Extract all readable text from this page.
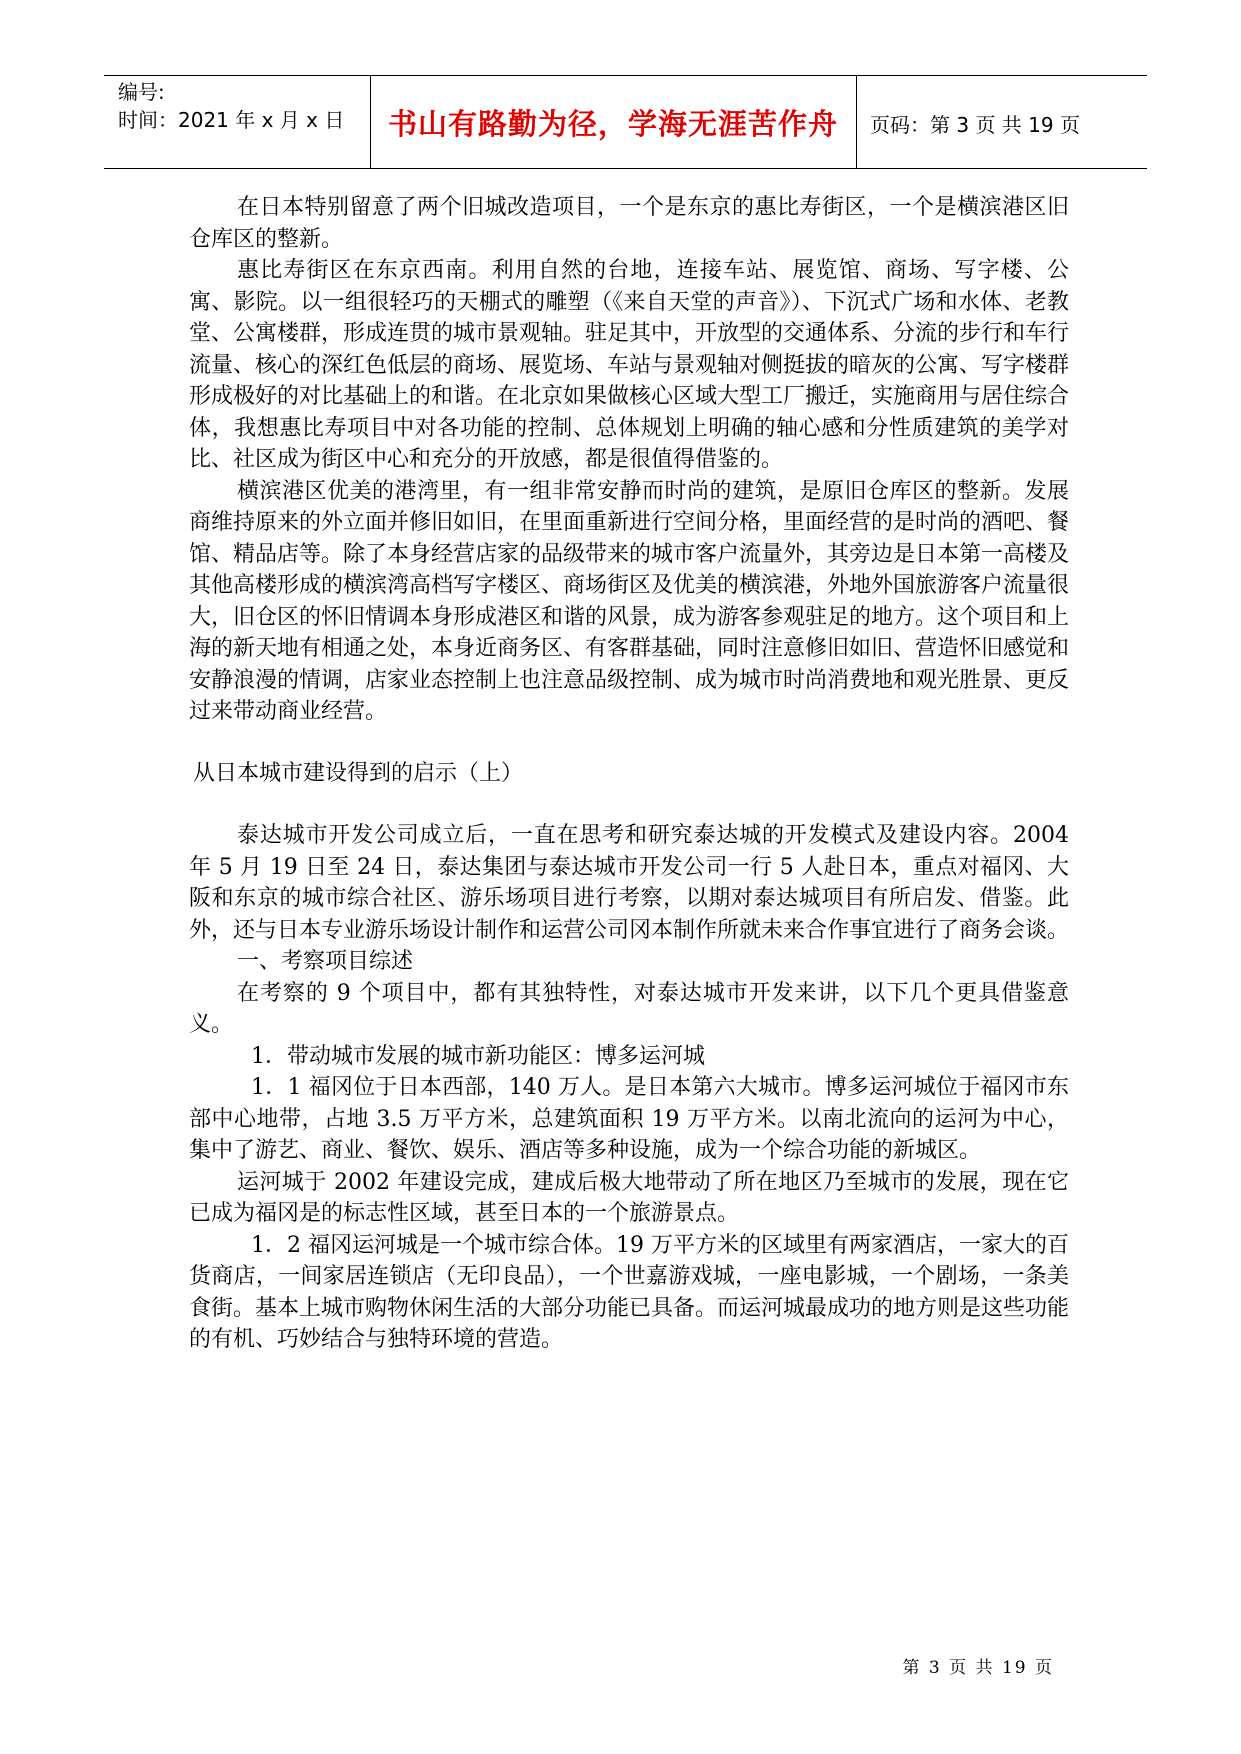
编号:
时间：2021 年 x 月 x 日	书山有路勤为径，学海无涯苦作舟	页码：第 3 页 共 19 页

在日本特别留意了两个旧城改造项目，一个是东京的惠比寿街区，一个是横滨港区旧仓库区的整新。

惠比寿街区在东京西南。利用自然的台地，连接车站、展览馆、商场、写字楼、公寓、影院。以一组很轻巧的天棚式的雕塑（《来自天堂的声音》）、下沉式广场和水体、老教堂、公寓楼群，形成连贯的城市景观轴。驻足其中，开放型的交通体系、分流的步行和车行流量、核心的深红色低层的商场、展览场、车站与景观轴对侧挺拔的暗灰的公寓、写字楼群形成极好的对比基础上的和谐。在北京如果做核心区域大型工厂搬迁，实施商用与居住综合体，我想惠比寿项目中对各功能的控制、总体规划上明确的轴心感和分性质建筑的美学对比、社区成为街区中心和充分的开放感，都是很值得借鉴的。

横滨港区优美的港湾里，有一组非常安静而时尚的建筑，是原旧仓库区的整新。发展商维持原来的外立面并修旧如旧，在里面重新进行空间分格，里面经营的是时尚的酒吧、餐馆、精品店等。除了本身经营店家的品级带来的城市客户流量外，其旁边是日本第一高楼及其他高楼形成的横滨湾高档写字楼区、商场街区及优美的横滨港，外地外国旅游客户流量很大，旧仓区的怀旧情调本身形成港区和谐的风景，成为游客参观驻足的地方。这个项目和上海的新天地有相通之处，本身近商务区、有客群基础，同时注意修旧如旧、营造怀旧感觉和安静浪漫的情调，店家业态控制上也注意品级控制、成为城市时尚消费地和观光胜景、更反过来带动商业经营。

从日本城市建设得到的启示（上）

泰达城市开发公司成立后，一直在思考和研究泰达城的开发模式及建设内容。2004 年 5 月 19 日至 24 日，泰达集团与泰达城市开发公司一行 5 人赴日本，重点对福冈、大阪和东京的城市综合社区、游乐场项目进行考察，以期对泰达城项目有所启发、借鉴。此外，还与日本专业游乐场设计制作和运营公司冈本制作所就未来合作事宜进行了商务会谈。

一、考察项目综述

在考察的 9 个项目中，都有其独特性，对泰达城市开发来讲，以下几个更具借鉴意义。

1．带动城市发展的城市新功能区：博多运河城

1．1 福冈位于日本西部，140 万人。是日本第六大城市。博多运河城位于福冈市东部中心地带，占地 3.5 万平方米，总建筑面积 19 万平方米。以南北流向的运河为中心，集中了游艺、商业、餐饮、娱乐、酒店等多种设施，成为一个综合功能的新城区。

运河城于 2002 年建设完成，建成后极大地带动了所在地区乃至城市的发展，现在它已成为福冈是的标志性区域，甚至日本的一个旅游景点。

1．2 福冈运河城是一个城市综合体。19 万平方米的区域里有两家酒店，一家大的百货商店，一间家居连锁店（无印良品），一个世嘉游戏城，一座电影城，一个剧场，一条美食街。基本上城市购物休闲生活的大部分功能已具备。而运河城最成功的地方则是这些功能的有机、巧妙结合与独特环境的营造。

第 3 页 共 19 页
